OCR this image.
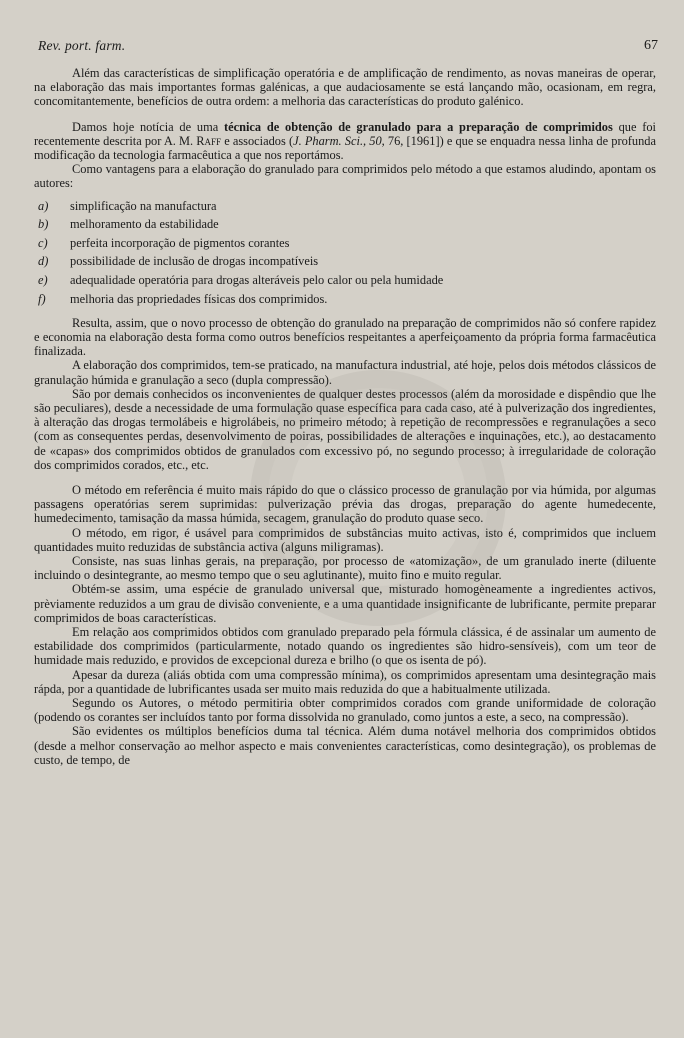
Rev. port. farm.	67

Além das características de simplificação operatória e de amplificação de rendimento, as novas maneiras de operar, na elaboração das mais importantes formas galénicas, a que audaciosamente se está lançando mão, ocasionam, em regra, concomitantemente, benefícios de outra ordem: a melhoria das características do produto galénico.

Damos hoje notícia de uma técnica de obtenção de granulado para a preparação de comprimidos que foi recentemente descrita por A. M. Raff e associados (J. Pharm. Sci., 50, 76, [1961]) e que se enquadra nessa linha de profunda modificação da tecnologia farmacêutica a que nos reportámos.

Como vantagens para a elaboração do granulado para comprimidos pelo método a que estamos aludindo, apontam os autores:

a)	simplificação na manufactura
b)	melhoramento da estabilidade
c)	perfeita incorporação de pigmentos corantes
d)	possibilidade de inclusão de drogas incompatíveis
e)	adequalidade operatória para drogas alteráveis pelo calor ou pela humidade
f)	melhoria das propriedades físicas dos comprimidos.

Resulta, assim, que o novo processo de obtenção do granulado na preparação de comprimidos não só confere rapidez e economia na elaboração desta forma como outros benefícios respeitantes a aperfeiçoamento da própria forma farmacêutica finalizada.

A elaboração dos comprimidos, tem-se praticado, na manufactura industrial, até hoje, pelos dois métodos clássicos de granulação húmida e granulação a seco (dupla compressão).

São por demais conhecidos os inconvenientes de qualquer destes processos (além da morosidade e dispêndio que lhe são peculiares), desde a necessidade de uma formulação quase específica para cada caso, até à pulverização dos ingredientes, à alteração das drogas termolábeis e higrolábeis, no primeiro método; à repetição de recompressões e regranulações a seco (com as consequentes perdas, desenvolvimento de poiras, possibilidades de alterações e inquinações, etc.), ao destacamento de «capas» dos comprimidos obtidos de granulados com excessivo pó, no segundo processo; à irregularidade de coloração dos comprimidos corados, etc., etc.

O método em referência é muito mais rápido do que o clássico processo de granulação por via húmida, por algumas passagens operatórias serem suprimidas: pulverização prévia das drogas, preparação do agente humedecente, humedecimento, tamisação da massa húmida, secagem, granulação do produto quase seco.

O método, em rigor, é usável para comprimidos de substâncias muito activas, isto é, comprimidos que incluem quantidades muito reduzidas de substância activa (alguns miligramas).

Consiste, nas suas linhas gerais, na preparação, por processo de «atomização», de um granulado inerte (diluente incluindo o desintegrante, ao mesmo tempo que o seu aglutinante), muito fino e muito regular.

Obtém-se assim, uma espécie de granulado universal que, misturado homogèneamente a ingredientes activos, prèviamente reduzidos a um grau de divisão conveniente, e a uma quantidade insignificante de lubrificante, permite preparar comprimidos de boas características.

Em relação aos comprimidos obtidos com granulado preparado pela fórmula clássica, é de assinalar um aumento de estabilidade dos comprimidos (particularmente, notado quando os ingredientes são hidro-sensíveis), com um teor de humidade mais reduzido, e providos de excepcional dureza e brilho (o que os isenta de pó).

Apesar da dureza (aliás obtida com uma compressão mínima), os comprimidos apresentam uma desintegração mais rápda, por a quantidade de lubrificantes usada ser muito mais reduzida do que a habitualmente utilizada.

Segundo os Autores, o método permitiria obter comprimidos corados com grande uniformidade de coloração (podendo os corantes ser incluídos tanto por forma dissolvida no granulado, como juntos a este, a seco, na compressão).

São evidentes os múltiplos benefícios duma tal técnica. Além duma notável melhoria dos comprimidos obtidos (desde a melhor conservação ao melhor aspecto e mais convenientes características, como desintegração), os problemas de custo, de tempo, de
